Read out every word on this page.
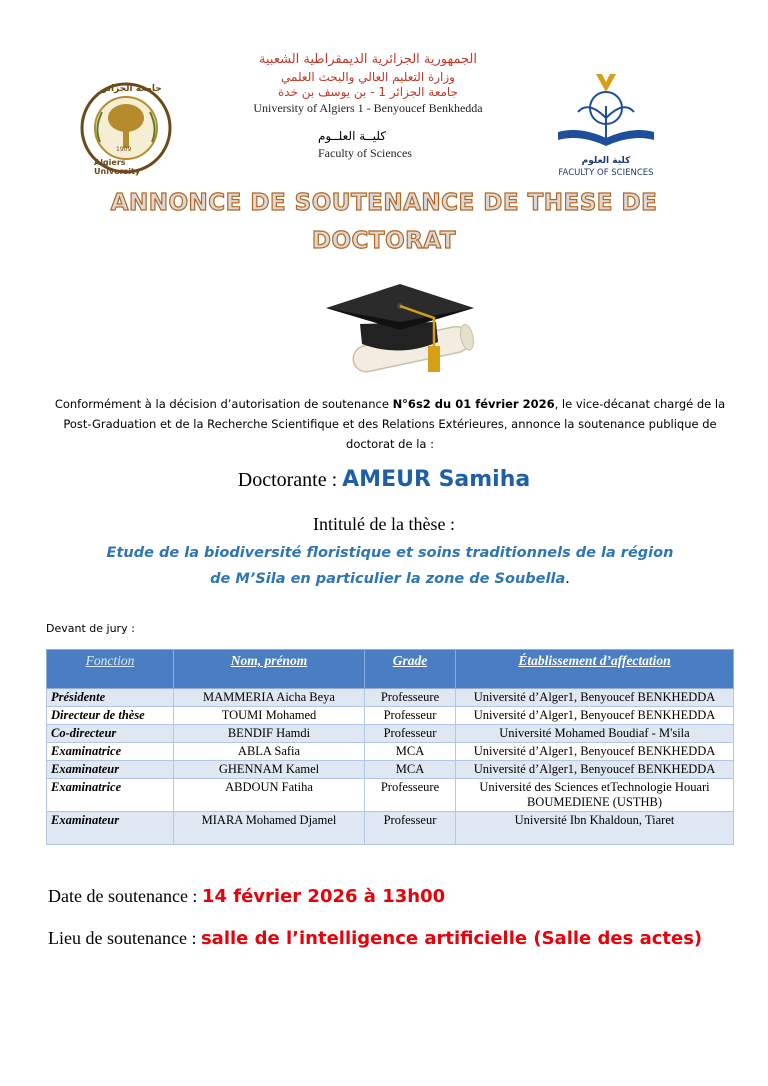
جامعة الجزائر
Algiers University
1909
الجمهورية الجزائرية الديمقراطية الشعبية
وزارة التعليم العالي والبحث العلمي
جامعة الجزائر 1 - بن يوسف بن خدة
University of Algiers 1 - Benyoucef Benkhedda
كليــة العلــوم
Faculty of Sciences
كلية العلوم
FACULTY OF SCIENCES
ANNONCE DE SOUTENANCE DE THESE DE
DOCTORAT
Conformément à la décision d’autorisation de soutenance N°6s2 du 01 février 2026, le vice-décanat chargé de la Post-Graduation et de la Recherche Scientifique et des Relations Extérieures, annonce la soutenance publique de doctorat de la :
Doctorante : AMEUR Samiha
Intitulé de la thèse :
Etude de la biodiversité floristique et soins traditionnels de la région
de M’Sila en particulier la zone de Soubella.
Devant de jury :
Fonction	Nom, prénom	Grade	Établissement d’affectation
Présidente	MAMMERIA Aicha Beya	Professeure	Université d’Alger1, Benyoucef BENKHEDDA
Directeur de thèse	TOUMI Mohamed	Professeur	Université d’Alger1, Benyoucef BENKHEDDA
Co-directeur	BENDIF Hamdi	Professeur	Université Mohamed Boudiaf - M'sila
Examinatrice	ABLA Safia	MCA	Université d’Alger1, Benyoucef BENKHEDDA
Examinateur	GHENNAM Kamel	MCA	Université d’Alger1, Benyoucef BENKHEDDA
Examinatrice	ABDOUN Fatiha	Professeure	Université des Sciences etTechnologie Houari BOUMEDIENE (USTHB)
Examinateur	MIARA Mohamed Djamel	Professeur	Université Ibn Khaldoun, Tiaret
Date de soutenance : 14 février 2026 à 13h00
Lieu de soutenance : salle de l’intelligence artificielle (Salle des actes)
